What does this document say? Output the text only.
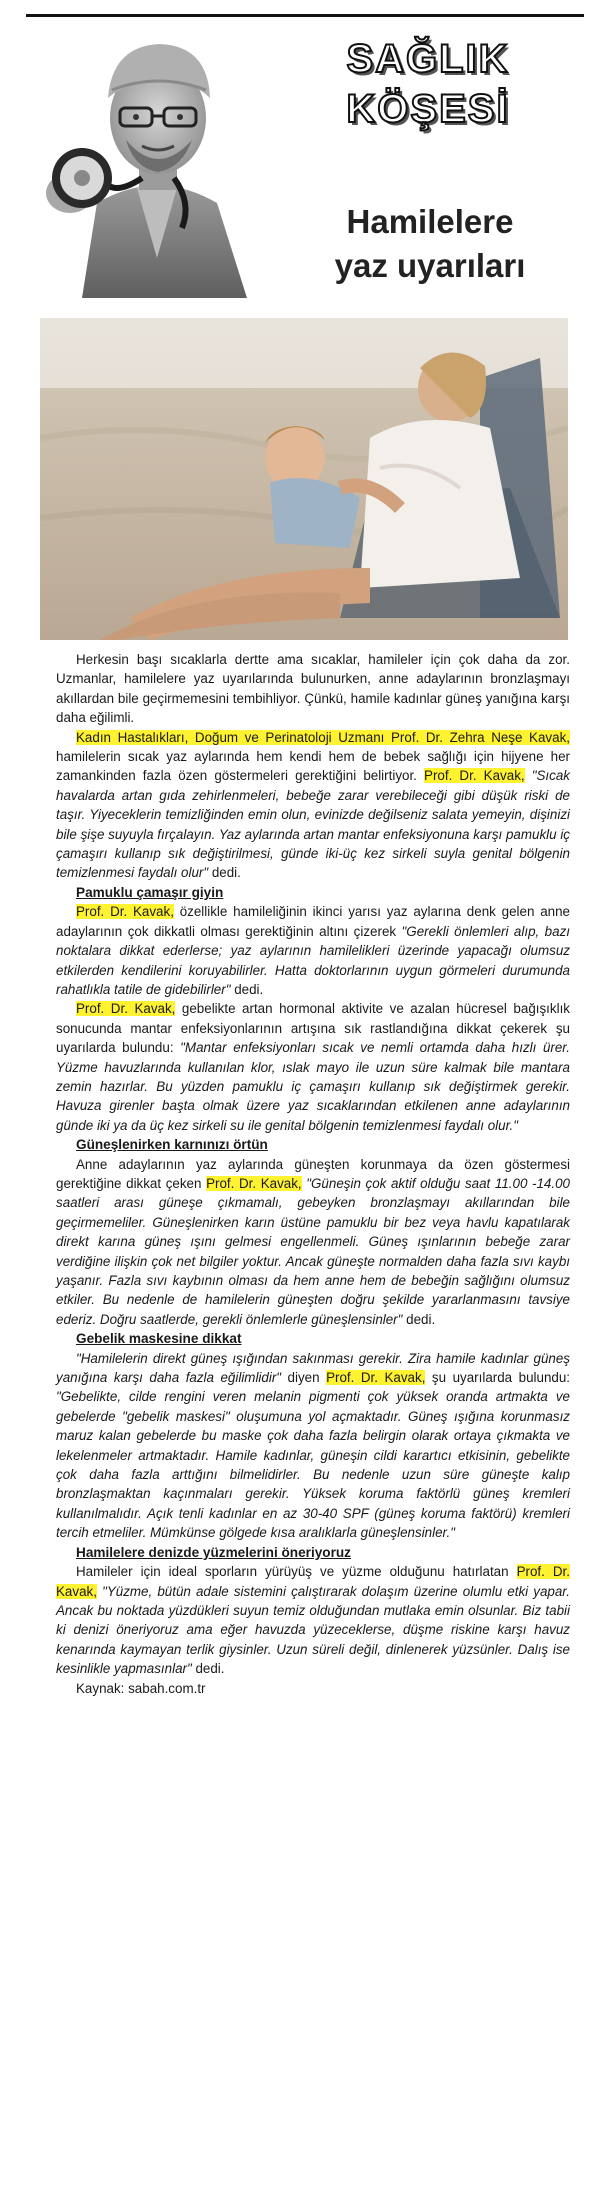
SAĞLIK
KÖŞESİ
Hamilelere
yaz uyarıları

Herkesin başı sıcaklarla dertte ama sıcaklar, hamileler için çok daha da zor. Uzmanlar, hamilelere yaz uyarılarında bulunurken, anne adaylarının bronzlaşmayı akıllardan bile geçirmemesini tembihliyor. Çünkü, hamile kadınlar güneş yanığına karşı daha eğilimli.

Kadın Hastalıkları, Doğum ve Perinatoloji Uzmanı Prof. Dr. Zehra Neşe Kavak, hamilelerin sıcak yaz aylarında hem kendi hem de bebek sağlığı için hijyene her zamankinden fazla özen göstermeleri gerektiğini belirtiyor. Prof. Dr. Kavak, "Sıcak havalarda artan gıda zehirlenmeleri, bebeğe zarar verebileceği gibi düşük riski de taşır. Yiyeceklerin temizliğinden emin olun, evinizde değilseniz salata yemeyin, dişinizi bile şişe suyuyla fırçalayın. Yaz aylarında artan mantar enfeksiyonuna karşı pamuklu iç çamaşırı kullanıp sık değiştirilmesi, günde iki-üç kez sirkeli suyla genital bölgenin temizlenmesi faydalı olur" dedi.

Pamuklu çamaşır giyin

Prof. Dr. Kavak, özellikle hamileliğinin ikinci yarısı yaz aylarına denk gelen anne adaylarının çok dikkatli olması gerektiğinin altını çizerek "Gerekli önlemleri alıp, bazı noktalara dikkat ederlerse; yaz aylarının hamilelikleri üzerinde yapacağı olumsuz etkilerden kendilerini koruyabilirler. Hatta doktorlarının uygun görmeleri durumunda rahatlıkla tatile de gidebilirler" dedi.

Prof. Dr. Kavak, gebelikte artan hormonal aktivite ve azalan hücresel bağışıklık sonucunda mantar enfeksiyonlarının artışına sık rastlandığına dikkat çekerek şu uyarılarda bulundu: "Mantar enfeksiyonları sıcak ve nemli ortamda daha hızlı ürer. Yüzme havuzlarında kullanılan klor, ıslak mayo ile uzun süre kalmak bile mantara zemin hazırlar. Bu yüzden pamuklu iç çamaşırı kullanıp sık değiştirmek gerekir. Havuza girenler başta olmak üzere yaz sıcaklarından etkilenen anne adaylarının günde iki ya da üç kez sirkeli su ile genital bölgenin temizlenmesi faydalı olur."

Güneşlenirken karnınızı örtün

Anne adaylarının yaz aylarında güneşten korunmaya da özen göstermesi gerektiğine dikkat çeken Prof. Dr. Kavak, "Güneşin çok aktif olduğu saat 11.00 -14.00 saatleri arası güneşe çıkmamalı, gebeyken bronzlaşmayı akıllarından bile geçirmemeliler. Güneşlenirken karın üstüne pamuklu bir bez veya havlu kapatılarak direkt karına güneş ışını gelmesi engellenmeli. Güneş ışınlarının bebeğe zarar verdiğine ilişkin çok net bilgiler yoktur. Ancak güneşte normalden daha fazla sıvı kaybı yaşanır. Fazla sıvı kaybının olması da hem anne hem de bebeğin sağlığını olumsuz etkiler. Bu nedenle de hamilelerin güneşten doğru şekilde yararlanmasını tavsiye ederiz. Doğru saatlerde, gerekli önlemlerle güneşlensinler" dedi.

Gebelik maskesine dikkat

"Hamilelerin direkt güneş ışığından sakınması gerekir. Zira hamile kadınlar güneş yanığına karşı daha fazla eğilimlidir" diyen Prof. Dr. Kavak, şu uyarılarda bulundu: "Gebelikte, cilde rengini veren melanin pigmenti çok yüksek oranda artmakta ve gebelerde "gebelik maskesi" oluşumuna yol açmaktadır. Güneş ışığına korunmasız maruz kalan gebelerde bu maske çok daha fazla belirgin olarak ortaya çıkmakta ve lekelenmeler artmaktadır. Hamile kadınlar, güneşin cildi karartıcı etkisinin, gebelikte çok daha fazla arttığını bilmelidirler. Bu nedenle uzun süre güneşte kalıp bronzlaşmaktan kaçınmaları gerekir. Yüksek koruma faktörlü güneş kremleri kullanılmalıdır. Açık tenli kadınlar en az 30-40 SPF (güneş koruma faktörü) kremleri tercih etmeliler. Mümkünse gölgede kısa aralıklarla güneşlensinler."

Hamilelere denizde yüzmelerini öneriyoruz

Hamileler için ideal sporların yürüyüş ve yüzme olduğunu hatırlatan Prof. Dr. Kavak, "Yüzme, bütün adale sistemini çalıştırarak dolaşım üzerine olumlu etki yapar. Ancak bu noktada yüzdükleri suyun temiz olduğundan mutlaka emin olsunlar. Biz tabii ki denizi öneriyoruz ama eğer havuzda yüzeceklerse, düşme riskine karşı havuz kenarında kaymayan terlik giysinler. Uzun süreli değil, dinlenerek yüzsünler. Dalış ise kesinlikle yapmasınlar" dedi.

Kaynak: sabah.com.tr
